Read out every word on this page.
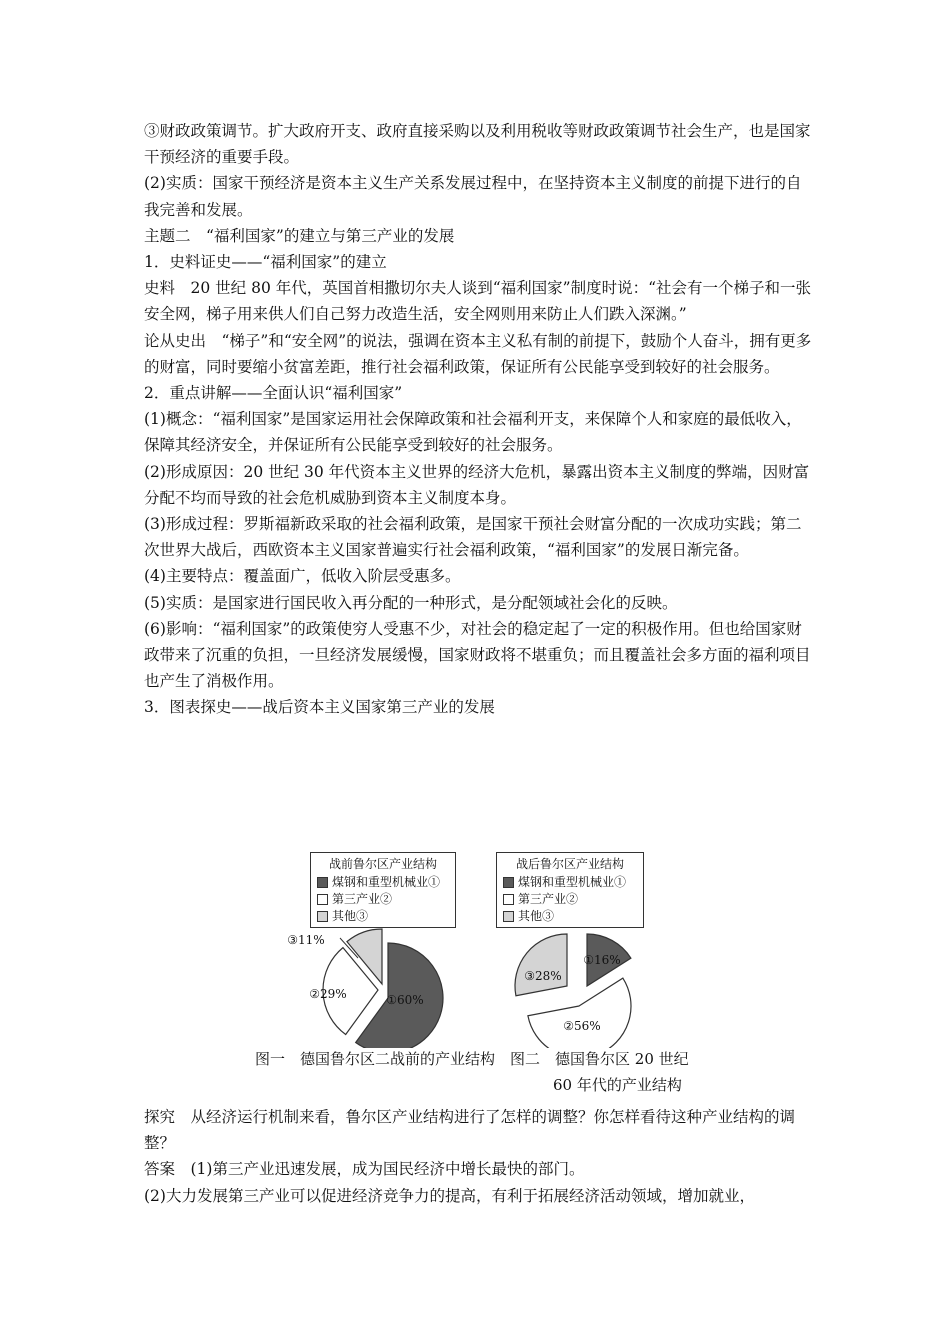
③财政政策调节。扩大政府开支、政府直接采购以及利用税收等财政政策调节社会生产，也是国家干预经济的重要手段。

(2)实质：国家干预经济是资本主义生产关系发展过程中，在坚持资本主义制度的前提下进行的自我完善和发展。

主题二　“福利国家”的建立与第三产业的发展

1．史料证史——“福利国家”的建立

史料　20 世纪 80 年代，英国首相撒切尔夫人谈到“福利国家”制度时说：“社会有一个梯子和一张安全网，梯子用来供人们自己努力改造生活，安全网则用来防止人们跌入深渊。”

论从史出　“梯子”和“安全网”的说法，强调在资本主义私有制的前提下，鼓励个人奋斗，拥有更多的财富，同时要缩小贫富差距，推行社会福利政策，保证所有公民能享受到较好的社会服务。

2．重点讲解——全面认识“福利国家”

(1)概念：“福利国家”是国家运用社会保障政策和社会福利开支，来保障个人和家庭的最低收入，保障其经济安全，并保证所有公民能享受到较好的社会服务。

(2)形成原因：20 世纪 30 年代资本主义世界的经济大危机，暴露出资本主义制度的弊端，因财富分配不均而导致的社会危机威胁到资本主义制度本身。

(3)形成过程：罗斯福新政采取的社会福利政策，是国家干预社会财富分配的一次成功实践；第二次世界大战后，西欧资本主义国家普遍实行社会福利政策，“福利国家”的发展日渐完备。

(4)主要特点：覆盖面广，低收入阶层受惠多。

(5)实质：是国家进行国民收入再分配的一种形式，是分配领域社会化的反映。

(6)影响：“福利国家”的政策使穷人受惠不少，对社会的稳定起了一定的积极作用。但也给国家财政带来了沉重的负担，一旦经济发展缓慢，国家财政将不堪重负；而且覆盖社会多方面的福利项目也产生了消极作用。

3．图表探史——战后资本主义国家第三产业的发展

战前鲁尔区产业结构
煤钢和重型机械业①
第三产业②
其他③
战后鲁尔区产业结构
煤钢和重型机械业①
第三产业②
其他③
①60%
②29%
③11%
①16%
②56%
③28%
图一　德国鲁尔区二战前的产业结构　图二　德国鲁尔区 20 世纪
60 年代的产业结构

探究　从经济运行机制来看，鲁尔区产业结构进行了怎样的调整？你怎样看待这种产业结构的调整？

答案　(1)第三产业迅速发展，成为国民经济中增长最快的部门。

(2)大力发展第三产业可以促进经济竞争力的提高，有利于拓展经济活动领域，增加就业，
